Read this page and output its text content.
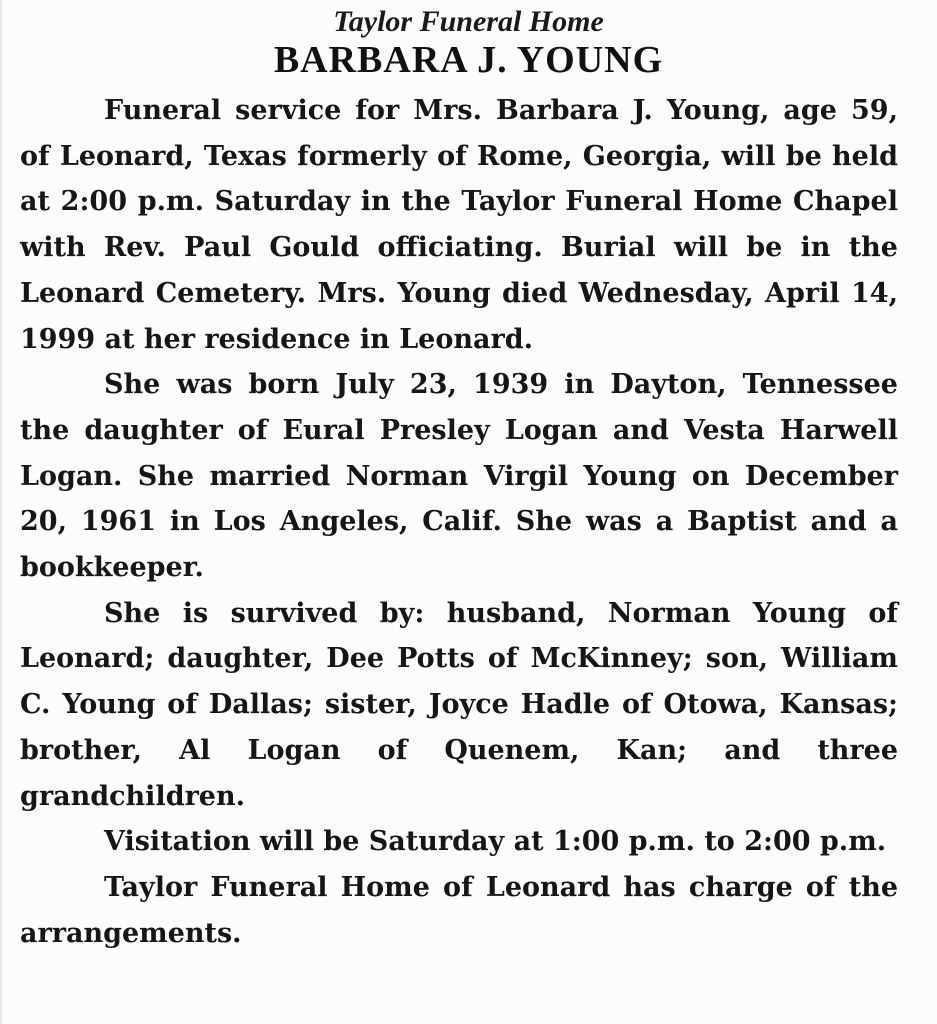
Taylor Funeral Home
BARBARA J. YOUNG

Funeral service for Mrs. Barbara J. Young, age 59, of Leonard, Texas formerly of Rome, Georgia, will be held at 2:00 p.m. Saturday in the Taylor Funeral Home Chapel with Rev. Paul Gould officiating. Burial will be in the Leonard Cemetery. Mrs. Young died Wednesday, April 14, 1999 at her residence in Leonard.

She was born July 23, 1939 in Dayton, Tennessee the daughter of Eural Presley Logan and Vesta Harwell Logan. She married Norman Virgil Young on December 20, 1961 in Los Angeles, Calif. She was a Baptist and a bookkeeper.

She is survived by: husband, Norman Young of Leonard; daughter, Dee Potts of McKinney; son, William C. Young of Dallas; sister, Joyce Hadle of Otowa, Kansas; brother, Al Logan of Quenem, Kan; and three grandchildren.

Visitation will be Saturday at 1:00 p.m. to 2:00 p.m.

Taylor Funeral Home of Leonard has charge of the arrangements.
